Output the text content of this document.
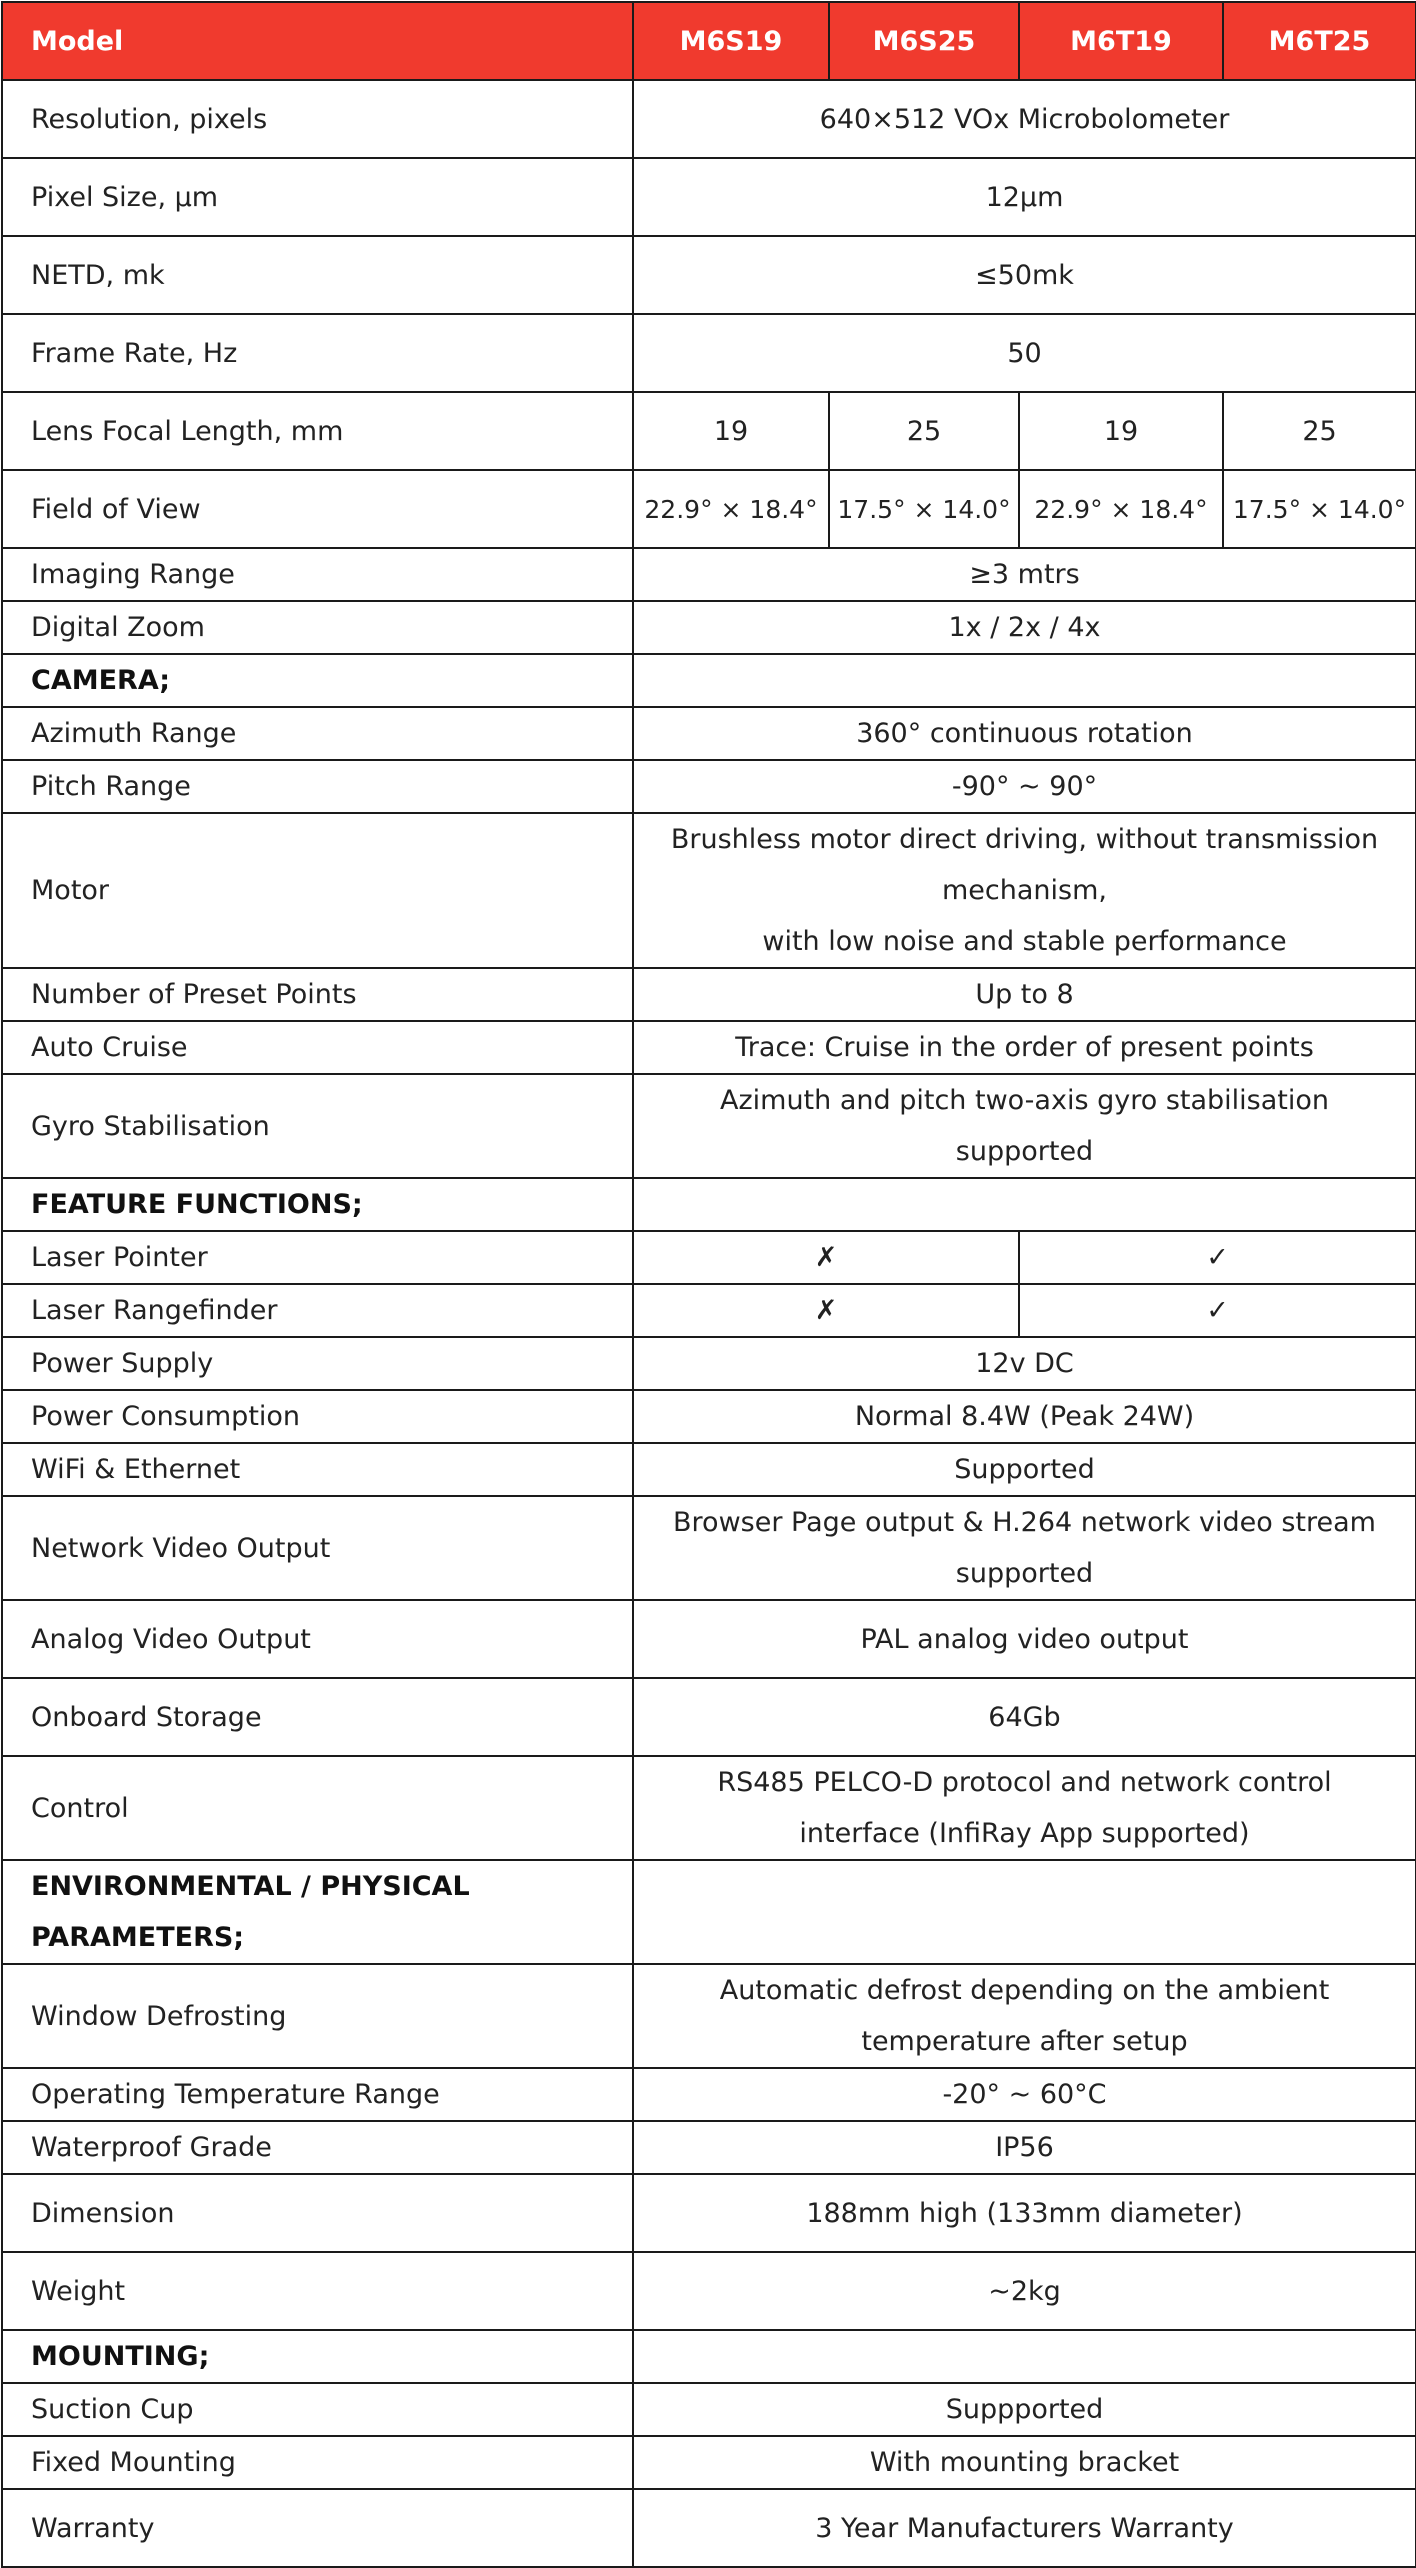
Model	M6S19	M6S25	M6T19	M6T25
Resolution, pixels	640×512 VOx Microbolometer			
Pixel Size, μm	12μm			
NETD, mk	≤50mk			
Frame Rate, Hz	50			
Lens Focal Length, mm	19	25	19	25
Field of View	22.9° × 18.4°	17.5° × 14.0°	22.9° × 18.4°	17.5° × 14.0°
Imaging Range	≥3 mtrs			
Digital Zoom	1x / 2x / 4x			
CAMERA;				
Azimuth Range	360° continuous rotation			
Pitch Range	-90° ~ 90°			
Motor	Brushless motor direct driving, without transmission
mechanism,
with low noise and stable performance			

Number of Preset Points	Up to 8			
Auto Cruise	Trace: Cruise in the order of present points			
Gyro Stabilisation	Azimuth and pitch two-axis gyro stabilisation
supported			

FEATURE FUNCTIONS;				
Laser Pointer	✗		✓	
Laser Rangefinder	✗		✓	
Power Supply	12v DC			
Power Consumption	Normal 8.4W (Peak 24W)			
WiFi & Ethernet	Supported			
Network Video Output	Browser Page output & H.264 network video stream
supported			

Analog Video Output	PAL analog video output			
Onboard Storage	64Gb			
Control	RS485 PELCO-D protocol and network control
interface (InfiRay App supported)			

ENVIRONMENTAL / PHYSICAL
PARAMETERS;				

Window Defrosting	Automatic defrost depending on the ambient
temperature after setup			

Operating Temperature Range	-20° ~ 60°C			
Waterproof Grade	IP56			
Dimension	188mm high (133mm diameter)			
Weight	~2kg			
MOUNTING;				
Suction Cup	Suppported			
Fixed Mounting	With mounting bracket			
Warranty	3 Year Manufacturers Warranty			
